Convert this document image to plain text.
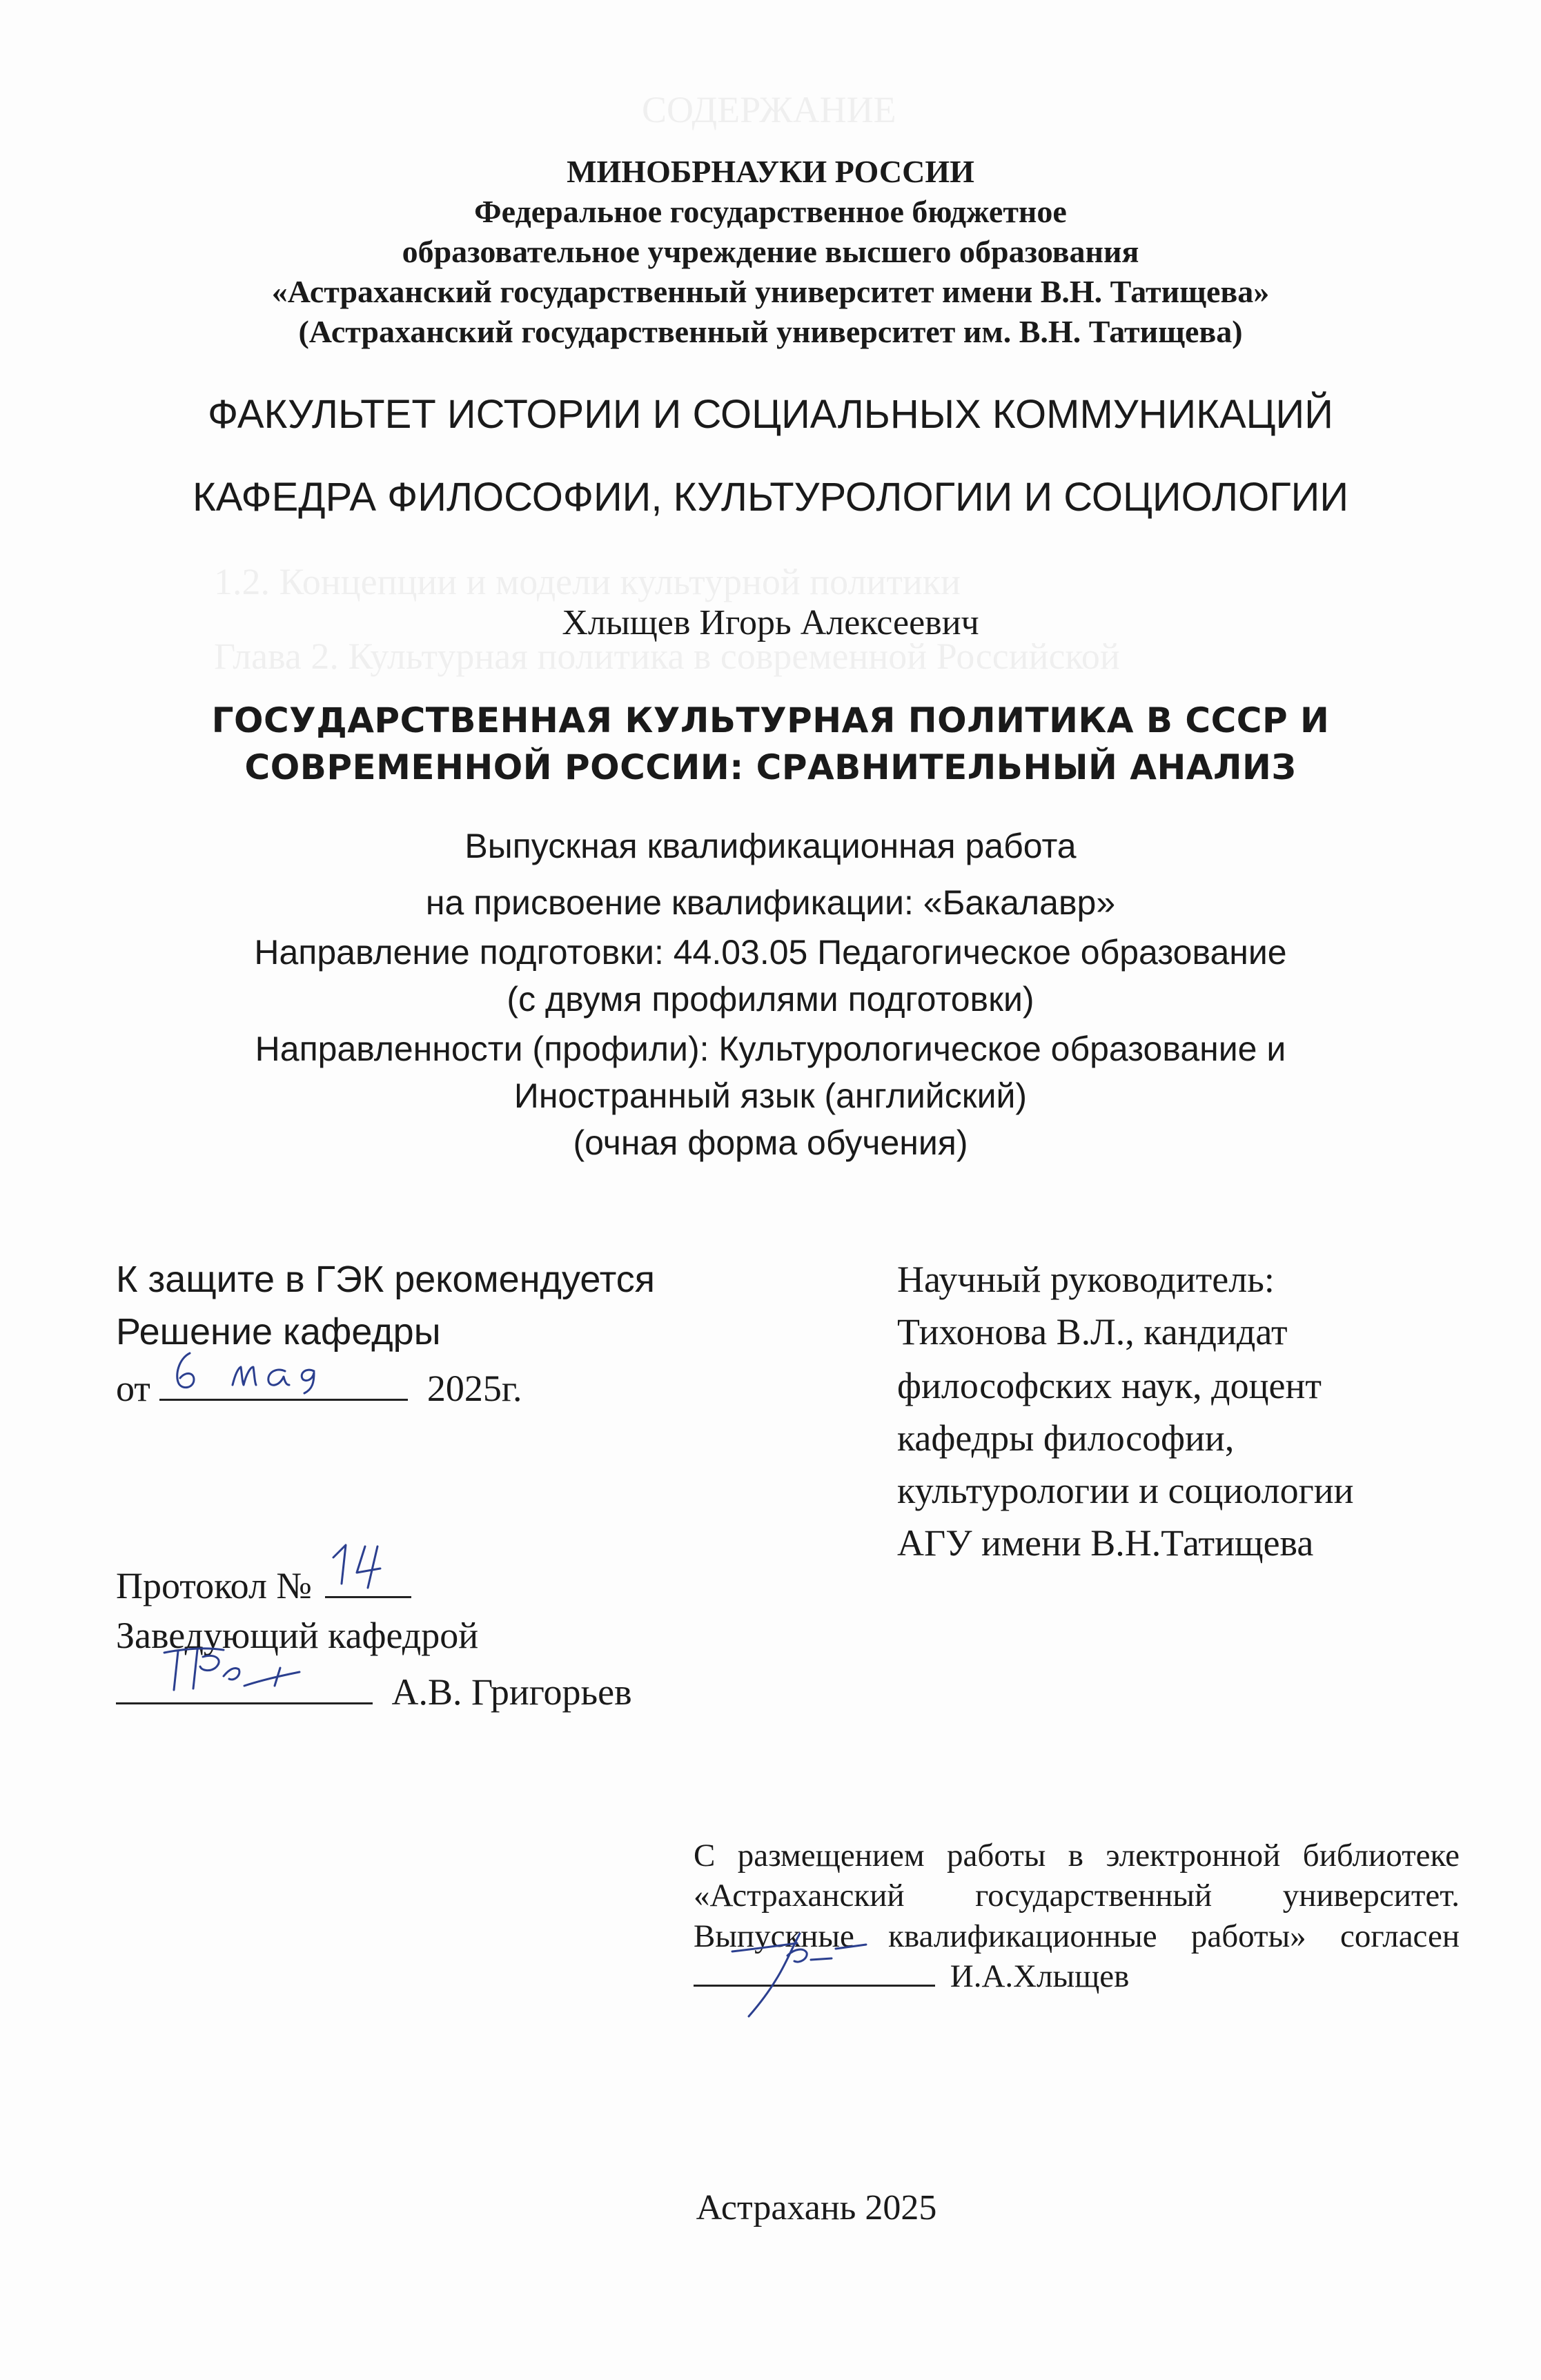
СОДЕРЖАНИЕ
1.2. Концепции и модели культурной политики
Глава 2. Культурная политика в современной Российской
МИНОБРНАУКИ РОССИИ
Федеральное государственное бюджетное
образовательное учреждение высшего образования
«Астраханский государственный университет имени В.Н. Татищева»
(Астраханский государственный университет им. В.Н. Татищева)
ФАКУЛЬТЕТ ИСТОРИИ И СОЦИАЛЬНЫХ КОММУНИКАЦИЙ
КАФЕДРА ФИЛОСОФИИ, КУЛЬТУРОЛОГИИ И СОЦИОЛОГИИ
Хлыщев Игорь Алексеевич
ГОСУДАРСТВЕННАЯ КУЛЬТУРНАЯ ПОЛИТИКА В СССР И
СОВРЕМЕННОЙ РОССИИ: СРАВНИТЕЛЬНЫЙ АНАЛИЗ
Выпускная квалификационная работа
на присвоение квалификации: «Бакалавр»
Направление подготовки: 44.03.05 Педагогическое образование
(с двумя профилями подготовки)
Направленности (профили): Культурологическое образование и
Иностранный язык (английский)
(очная форма обучения)
К защите в ГЭК рекомендуется
Решение кафедры
от	2025г.
Протокол №
Заведующий кафедрой
А.В. Григорьев
Научный руководитель:
Тихонова В.Л., кандидат
философских наук, доцент
кафедры философии,
культурологии и социологии
АГУ имени В.Н.Татищева
С размещением работы в электронной библиотеке
«Астраханский государственный университет.
Выпускные квалификационные работы» согласен
И.А.Хлыщев
Астрахань 2025
